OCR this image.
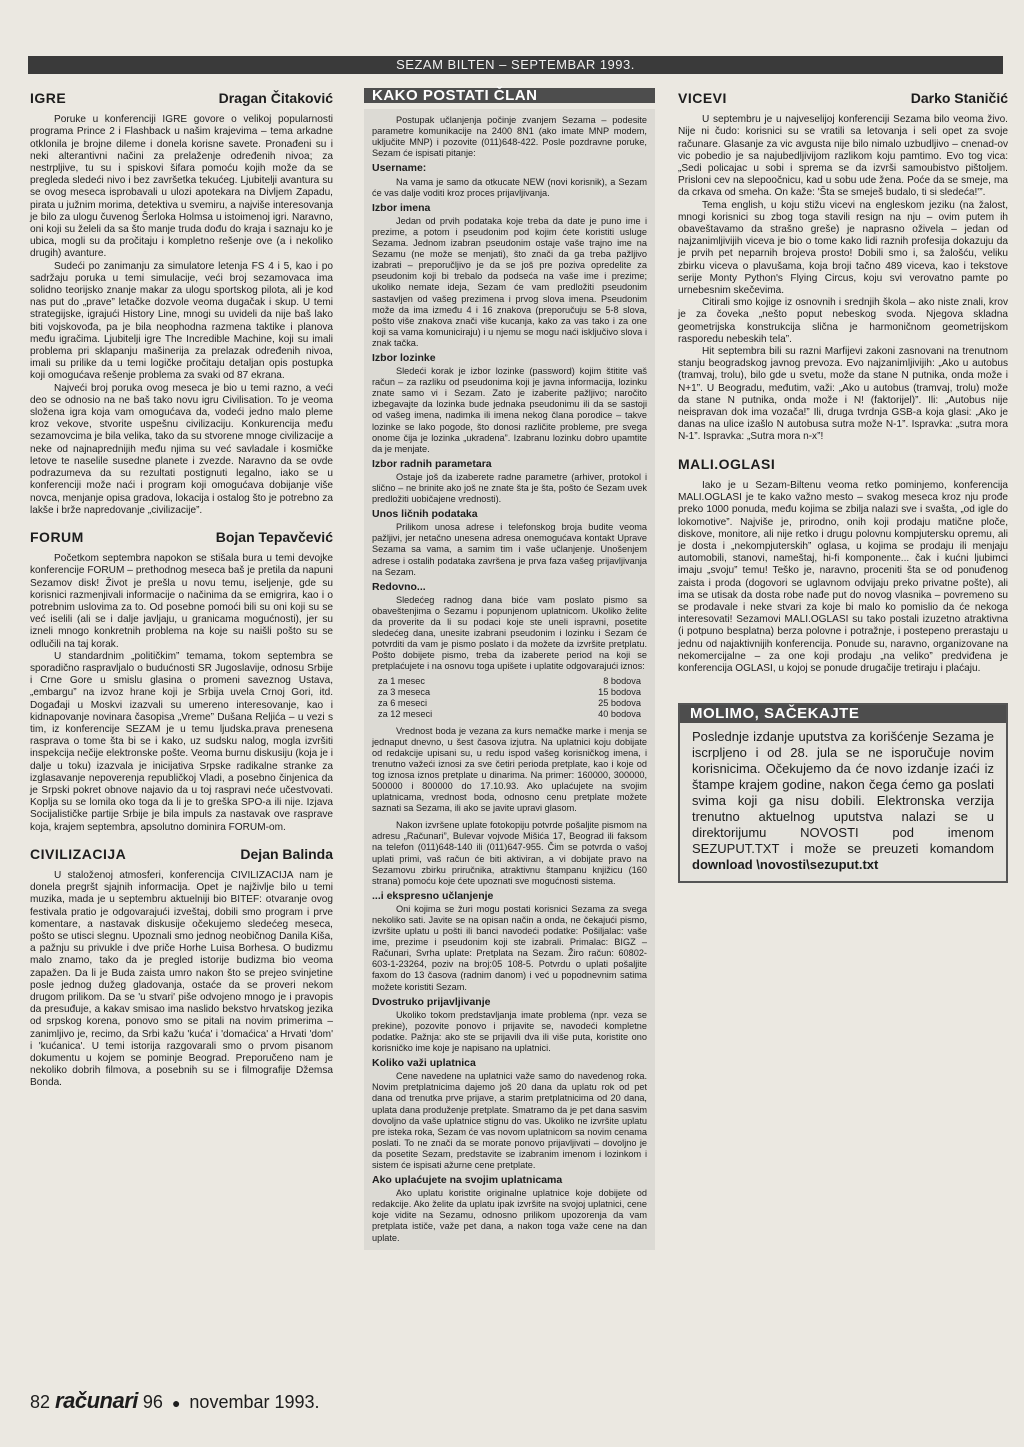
SEZAM BILTEN – SEPTEMBAR 1993.
IGRE	Dragan Čitaković

Poruke u konferenciji IGRE govore o velikoj popularnosti programa Prince 2 i Flashback u našim krajevima – tema arkadne otklonila je brojne dileme i donela korisne savete. Pronađeni su i neki alterantivni načini za prelaženje određenih nivoa; za nestrpljive, tu su i spiskovi šifara pomoću kojih može da se pregleda sledeći nivo i bez završetka tekućeg. Ljubitelji avantura su se ovog meseca isprobavali u ulozi apotekara na Divljem Zapadu, pirata u južnim morima, detektiva u svemiru, a najviše interesovanja je bilo za ulogu čuvenog Šerloka Holmsa u istoimenoj igri. Naravno, oni koji su želeli da sa što manje truda dođu do kraja i saznaju ko je ubica, mogli su da pročitaju i kompletno rešenje ove (a i nekoliko drugih) avanture.

Sudeći po zanimanju za simulatore letenja FS 4 i 5, kao i po sadržaju poruka u temi simulacije, veći broj sezamovaca ima solidno teorijsko znanje makar za ulogu sportskog pilota, ali je kod nas put do „prave” letačke dozvole veoma dugačak i skup. U temi strategijske, igrajući History Line, mnogi su uvideli da nije baš lako biti vojskovođa, pa je bila neophodna razmena taktike i planova među igračima. Ljubitelji igre The Incredible Machine, koji su imali problema pri sklapanju mašinerija za prelazak određenih nivoa, imali su prilike da u temi logičke pročitaju detaljan opis postupka koji omogućava rešenje problema za svaki od 87 ekrana.

Najveći broj poruka ovog meseca je bio u temi razno, a veći deo se odnosio na ne baš tako novu igru Civilisation. To je veoma složena igra koja vam omogućava da, vodeći jedno malo pleme kroz vekove, stvorite uspešnu civilizaciju. Konkurencija među sezamovcima je bila velika, tako da su stvorene mnoge civilizacije a neke od najnaprednijih među njima su već savladale i kosmičke letove te naselile susedne planete i zvezde. Naravno da se ovde podrazumeva da su rezultati postignuti legalno, iako se u konferenciji može naći i program koji omogućava dobijanje više novca, menjanje opisa gradova, lokacija i ostalog što je potrebno za lakše i brže napredovanje „civilizacije”.

FORUM	Bojan Tepavčević

Početkom septembra napokon se stišala bura u temi devojke konferencije FORUM – prethodnog meseca baš je pretila da napuni Sezamov disk! Život je prešla u novu temu, iseljenje, gde su korisnici razmenjivali informacije o načinima da se emigrira, kao i o potrebnim uslovima za to. Od posebne pomoći bili su oni koji su se već iselili (ali se i dalje javljaju, u granicama mogućnosti), jer su izneli mnogo konkretnih problema na koje su naišli pošto su se odlučili na taj korak.

U standardnim „političkim” temama, tokom septembra se sporadično raspravljalo o budućnosti SR Jugoslavije, odnosu Srbije i Crne Gore u smislu glasina o promeni saveznog Ustava, „embargu” na izvoz hrane koji je Srbija uvela Crnoj Gori, itd. Događaji u Moskvi izazvali su umereno interesovanje, kao i kidnapovanje novinara časopisa „Vreme” Dušana Reljića – u vezi s tim, iz konferencije SEZAM je u temu ljudska.prava prenesena rasprava o tome šta bi se i kako, uz sudsku nalog, mogla izvršiti inspekcija nečije elektronske pošte. Veoma burnu diskusiju (koja je i dalje u toku) izazvala je inicijativa Srpske radikalne stranke za izglasavanje nepoverenja republičkoj Vladi, a posebno činjenica da je Srpski pokret obnove najavio da u toj raspravi neće učestvovati. Koplja su se lomila oko toga da li je to greška SPO-a ili nije. Izjava Socijalističke partije Srbije je bila impuls za nastavak ove rasprave koja, krajem septembra, apsolutno dominira FORUM-om.

CIVILIZACIJA	Dejan Balinda

U staloženoj atmosferi, konferencija CIVILIZACIJA nam je donela pregršt sjajnih informacija. Opet je najživlje bilo u temi muzika, mada je u septembru aktuelniji bio BITEF: otvaranje ovog festivala pratio je odgovarajući izveštaj, dobili smo program i prve komentare, a nastavak diskusije očekujemo sledećeg meseca, pošto se utisci slegnu. Upoznali smo jednog neobičnog Danila Kiša, a pažnju su privukle i dve priče Horhe Luisa Borhesa. O budizmu malo znamo, tako da je pregled istorije budizma bio veoma zapažen. Da li je Buda zaista umro nakon što se prejeo svinjetine posle jednog dužeg gladovanja, ostaće da se proveri nekom drugom prilikom. Da se 'u stvari' piše odvojeno mnogo je i pravopis da presuđuje, a kakav smisao ima naslido bekstvo hrvatskog jezika od srpskog korena, ponovo smo se pitali na novim primerima – zanimljivo je, recimo, da Srbi kažu 'kuća' i 'domaćica' a Hrvati 'dom' i 'kućanica'. U temi istorija razgovarali smo o prvom pisanom dokumentu u kojem se pominje Beograd. Preporučeno nam je nekoliko dobrih filmova, a posebnih su se i filmografije Džemsa Bonda.

KAKO POSTATI ČLAN

Postupak učlanjenja počinje zvanjem Sezama – podesite parametre komunikacije na 2400 8N1 (ako imate MNP modem, uključite MNP) i pozovite (011)648-422. Posle pozdravne poruke, Sezam će ispisati pitanje:

Username:

Na vama je samo da otkucate NEW (novi korisnik), a Sezam će vas dalje voditi kroz proces prijavljivanja.

Izbor imena

Jedan od prvih podataka koje treba da date je puno ime i prezime, a potom i pseudonim pod kojim ćete koristiti usluge Sezama. Jednom izabran pseudonim ostaje vaše trajno ime na Sezamu (ne može se menjati), što znači da ga treba pažljivo izabrati – preporučljivo je da se još pre poziva opredelite za pseudonim koji bi trebalo da podseća na vaše ime i prezime; ukoliko nemate ideja, Sezam će vam predložiti pseudonim sastavljen od vašeg prezimena i prvog slova imena. Pseudonim može da ima između 4 i 16 znakova (preporučuju se 5-8 slova, pošto više znakova znači više kucanja, kako za vas tako i za one koji sa vama komuniciraju) i u njemu se mogu naći isključivo slova i znak tačka.

Izbor lozinke

Sledeći korak je izbor lozinke (password) kojim štitite vaš račun – za razliku od pseudonima koji je javna informacija, lozinku znate samo vi i Sezam. Zato je izaberite pažljivo; naročito izbegavajte da lozinka bude jednaka pseudonimu ili da se sastoji od vašeg imena, nadimka ili imena nekog člana porodice – takve lozinke se lako pogode, što donosi različite probleme, pre svega onome čija je lozinka „ukradena”. Izabranu lozinku dobro upamtite da je menjate.

Izbor radnih parametara

Ostaje još da izaberete radne parametre (arhiver, protokol i slično – ne brinite ako još ne znate šta je šta, pošto će Sezam uvek predložiti uobičajene vrednosti).

Unos ličnih podataka

Prilikom unosa adrese i telefonskog broja budite veoma pažljivi, jer netačno unesena adresa onemogućava kontakt Uprave Sezama sa vama, a samim tim i vaše učlanjenje. Unošenjem adrese i ostalih podataka završena je prva faza vašeg prijavljivanja na Sezam.

Redovno...

Sledećeg radnog dana biće vam poslato pismo sa obaveštenjima o Sezamu i popunjenom uplatnicom. Ukoliko želite da proverite da li su podaci koje ste uneli ispravni, posetite sledećeg dana, unesite izabrani pseudonim i lozinku i Sezam će potvrditi da vam je pismo poslato i da možete da izvršite pretplatu. Pošto dobijete pismo, treba da izaberete period na koji se pretplaćujete i na osnovu toga upišete i uplatite odgovarajući iznos:

za 1 mesec	8 bodova
za 3 meseca	15 bodova
za 6 meseci	25 bodova
za 12 meseci	40 bodova

Vrednost boda je vezana za kurs nemačke marke i menja se jednaput dnevno, u šest časova izjutra. Na uplatnici koju dobijate od redakcije upisani su, u redu ispod vašeg korisničkog imena, i trenutno važeći iznosi za sve četiri perioda pretplate, kao i koje od tog iznosa iznos pretplate u dinarima. Na primer: 160000, 300000, 500000 i 800000 do 17.10.93. Ako uplaćujete na svojim uplatnicama, vrednost boda, odnosno cenu pretplate možete saznati sa Sezama, ili ako se javite upravi glasom.

Nakon izvršene uplate fotokopiju potvrde pošaljite pismom na adresu „Računari”, Bulevar vojvode Mišića 17, Beograd ili faksom na telefon (011)648-140 ili (011)647-955. Čim se potvrda o vašoj uplati primi, vaš račun će biti aktiviran, a vi dobijate pravo na Sezamovu zbirku priručnika, atraktivnu štampanu knjižicu (160 strana) pomoću koje ćete upoznati sve mogućnosti sistema.

...i ekspresno učlanjenje

Oni kojima se žuri mogu postati korisnici Sezama za svega nekoliko sati. Javite se na opisan način a onda, ne čekajući pismo, izvršite uplatu u pošti ili banci navodeći podatke: Pošiljalac: vaše ime, prezime i pseudonim koji ste izabrali. Primalac: BIGZ – Računari, Svrha uplate: Pretplata na Sezam. Žiro račun: 60802-603-1-23264, poziv na broj:05 108-5. Potvrdu o uplati pošaljite faxom do 13 časova (radnim danom) i već u popodnevnim satima možete koristiti Sezam.

Dvostruko prijavljivanje

Ukoliko tokom predstavljanja imate problema (npr. veza se prekine), pozovite ponovo i prijavite se, navodeći kompletne podatke. Pažnja: ako ste se prijavili dva ili više puta, koristite ono korisničko ime koje je napisano na uplatnici.

Koliko važi uplatnica

Cene navedene na uplatnici važe samo do navedenog roka. Novim pretplatnicima dajemo još 20 dana da uplatu rok od pet dana od trenutka prve prijave, a starim pretplatnicima od 20 dana, uplata dana produženje pretplate. Smatramo da je pet dana sasvim dovoljno da vaše uplatnice stignu do vas. Ukoliko ne izvršite uplatu pre isteka roka, Sezam će vas novom uplatnicom sa novim cenama poslati. To ne znači da se morate ponovo prijavljivati – dovoljno je da posetite Sezam, predstavite se izabranim imenom i lozinkom i sistem će ispisati ažurne cene pretplate.

Ako uplaćujete na svojim uplatnicama

Ako uplatu koristite originalne uplatnice koje dobijete od redakcije. Ako želite da uplatu ipak izvršite na svojoj uplatnici, cene koje vidite na Sezamu, odnosno prilikom upozorenja da vam pretplata ističe, važe pet dana, a nakon toga važe cene na dan uplate.

VICEVI	Darko Staničić

U septembru je u najveselijoj konferenciji Sezama bilo veoma živo. Nije ni čudo: korisnici su se vratili sa letovanja i seli opet za svoje računare. Glasanje za vic avgusta nije bilo nimalo uzbudljivo – cnenad-ov vic pobedio je sa najubedljivijom razlikom koju pamtimo. Evo tog vica: „Sedi policajac u sobi i sprema se da izvrši samoubistvo pištoljem. Prisloni cev na slepoočnicu, kad u sobu ude žena. Poće da se smeje, ma da crkava od smeha. On kaže: 'Šta se smeješ budalo, ti si sledeća!'”.

Tema english, u koju stižu vicevi na engleskom jeziku (na žalost, mnogi korisnici su zbog toga stavili resign na nju – ovim putem ih obaveštavamo da strašno greše) je naprasno oživela – jedan od najzanimljivijih viceva je bio o tome kako lidi raznih profesija dokazuju da je prvih pet neparnih brojeva prosto! Dobili smo i, sa žalošću, veliku zbirku viceva o plavušama, koja broji tačno 489 viceva, kao i tekstove serije Monty Python's Flying Circus, koju svi verovatno pamte po urnebesnim skečevima.

Citirali smo kojige iz osnovnih i srednjih škola – ako niste znali, krov je za čoveka „nešto poput nebeskog svoda. Njegova skladna geometrijska konstrukcija slična je harmoničnom geometrijskom rasporedu nebeskih tela”.

Hit septembra bili su razni Marfijevi zakoni zasnovani na trenutnom stanju beogradskog javnog prevoza. Evo najzanimljivijih: „Ako u autobus (tramvaj, trolu), bilo gde u svetu, može da stane N putnika, onda može i N+1”. U Beogradu, međutim, važi: „Ako u autobus (tramvaj, trolu) može da stane N putnika, onda može i N! (faktorijel)”. Ili: „Autobus nije neispravan dok ima vozača!” Ili, druga tvrdnja GSB-a koja glasi: „Ako je danas na ulice izašlo N autobusa sutra može N-1”. Ispravka: „sutra mora N-1”. Ispravka: „Sutra mora n-x”!

MALI.OGLASI

Iako je u Sezam-Biltenu veoma retko pominjemo, konferencija MALI.OGLASI je te kako važno mesto – svakog meseca kroz nju prođe preko 1000 ponuda, među kojima se zbilja nalazi sve i svašta, „od igle do lokomotive”. Najviše je, prirodno, onih koji prodaju matične ploče, diskove, monitore, ali nije retko i drugu polovnu kompjutersku opremu, ali je dosta i „nekompjuterskih” oglasa, u kojima se prodaju ili menjaju automobili, stanovi, nameštaj, hi-fi komponente... čak i kućni ljubimci imaju „svoju” temu! Teško je, naravno, proceniti šta se od ponuđenog zaista i proda (dogovori se uglavnom odvijaju preko privatne pošte), ali ima se utisak da dosta robe nađe put do novog vlasnika – povremeno su se prodavale i neke stvari za koje bi malo ko pomislio da će nekoga interesovati! Sezamovi MALI.OGLASI su tako postali izuzetno atraktivna (i potpuno besplatna) berza polovne i potražnje, i postepeno prerastaju u jednu od najaktivnijih konferencija. Ponude su, naravno, organizovane na nekomercijalne – za one koji prodaju „na veliko” predviđena je konferencija OGLASI, u kojoj se ponude drugačije tretiraju i plaćaju.

MOLIMO, SAČEKAJTE
Poslednje izdanje uputstva za korišćenje Sezama je iscrpljeno i od 28. jula se ne isporučuje novim korisnicima. Očekujemo da će novo izdanje izaći iz štampe krajem godine, nakon čega ćemo ga poslati svima koji ga nisu dobili. Elektronska verzija trenutno aktuelnog uputstva nalazi se u direktorijumu NOVOSTI pod imenom SEZUPUT.TXT i može se preuzeti komandom download \novosti\sezuput.txt
82 računari 96 ● novembar 1993.
